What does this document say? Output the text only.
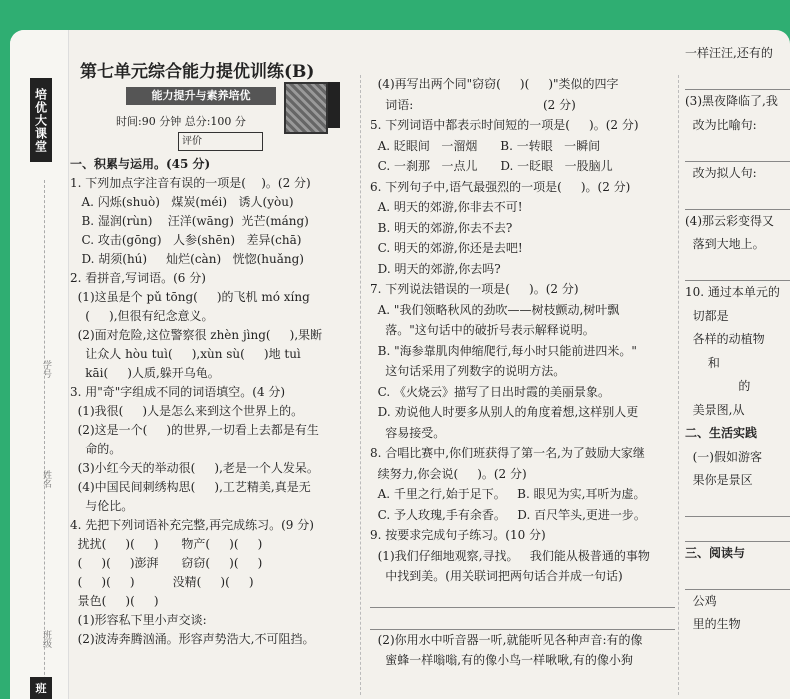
培优大课堂
学号
姓名
班级
班
第七单元综合能力提优训练(B)
能力提升与素养培优
时间:90 分钟 总分:100 分
评价
一、积累与运用。(45 分)
1. 下列加点字注音有误的一项是(    )。(2 分)
A. 闪烁(shuò)   煤炭(méi)   诱人(yòu)
B. 湿润(rùn)    汪洋(wāng)  光芒(máng)
C. 攻击(gōng)   人参(shēn)   差异(chā)
D. 胡须(hú)     灿烂(càn)   恍惚(huǎng)
2. 看拼音,写词语。(6 分)
(1)这虽是个 pǔ tōng(     )的飞机 mó xíng
(     ),但很有纪念意义。
(2)面对危险,这位警察很 zhèn jìng(     ),果断
让众人 hòu tuì(     ),xùn sù(     )地 tuì
kāi(     )人质,躲开乌龟。
3. 用"奇"字组成不同的词语填空。(4 分)
(1)我很(     )人是怎么来到这个世界上的。
(2)这是一个(     )的世界,一切看上去都是有生
命的。
(3)小红今天的举动很(     ),老是一个人发呆。
(4)中国民间刺绣构思(     ),工艺精美,真是无
与伦比。
4. 先把下列词语补充完整,再完成练习。(9 分)
扰扰(     )(     )      物产(     )(     )
(     )(     )澎湃      窃窃(     )(     )
(     )(     )          没精(     )(     )
景色(     )(     )
(1)形容私下里小声交谈:
(2)波涛奔腾汹涌。形容声势浩大,不可阻挡。
(4)再写出两个同"窃窃(     )(     )"类似的四字
词语:                                  (2 分)
5. 下列词语中都表示时间短的一项是(     )。(2 分)
A. 眨眼间   一溜烟      B. 一转眼   一瞬间
C. 一刹那   一点儿      D. 一眨眼   一股脑儿
6. 下列句子中,语气最强烈的一项是(     )。(2 分)
A. 明天的郊游,你非去不可!
B. 明天的郊游,你去不去?
C. 明天的郊游,你还是去吧!
D. 明天的郊游,你去吗?
7. 下列说法错误的一项是(     )。(2 分)
A. "我们领略秋风的劲吹——树枝颤动,树叶飘
落。"这句话中的破折号表示解释说明。
B. "海参靠肌肉伸缩爬行,每小时只能前进四米。"
这句话采用了列数字的说明方法。
C. 《火烧云》描写了日出时霞的美丽景象。
D. 劝说他人时要多从别人的角度着想,这样别人更
容易接受。
8. 合唱比赛中,你们班获得了第一名,为了鼓励大家继
续努力,你会说(     )。(2 分)
A. 千里之行,始于足下。   B. 眼见为实,耳听为虚。
C. 予人玫瑰,手有余香。   D. 百尺竿头,更进一步。
9. 按要求完成句子练习。(10 分)
(1)我们仔细地观察,寻找。   我们能从极普通的事物
中找到美。(用关联词把两句话合并成一句话)
(2)你用水中听音器一听,就能听见各种声音:有的像
蜜蜂一样嗡嗡,有的像小鸟一样啾啾,有的像小狗
一样汪汪,还有的
(3)黑夜降临了,我
改为比喻句:
改为拟人句:
(4)那云彩变得又
落到大地上。
10. 通过本单元的
切都是
各样的动植物
和
的
美景图,从
二、生活实践
(一)假如游客
果你是景区
三、阅读与
公鸡
里的生物
